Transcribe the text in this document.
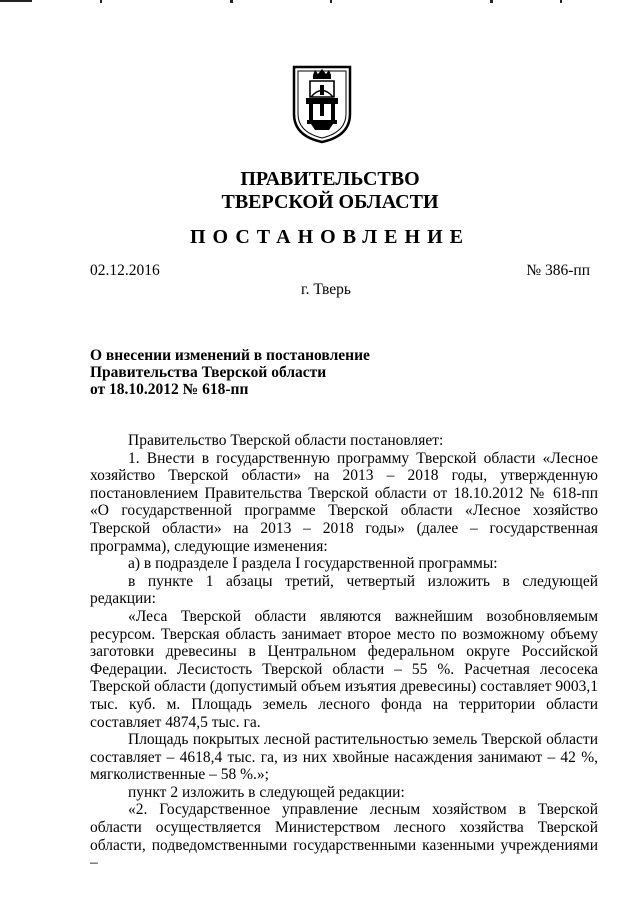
ПРАВИТЕЛЬСТВО
ТВЕРСКОЙ ОБЛАСТИ
ПОСТАНОВЛЕНИЕ
02.12.2016	№ 386-пп
г. Тверь
О внесении изменений в постановление
Правительства Тверской области
от 18.10.2012 № 618-пп

Правительство Тверской области постановляет:

1. Внести в государственную программу Тверской области «Лесное хозяйство Тверской области» на 2013 – 2018 годы, утвержденную постановлением Правительства Тверской области от 18.10.2012 № 618-пп «О государственной программе Тверской области «Лесное хозяйство Тверской области» на 2013 – 2018 годы» (далее – государственная программа), следующие изменения:

а) в подразделе I раздела I государственной программы:

в пункте 1 абзацы третий, четвертый изложить в следующей редакции:

«Леса Тверской области являются важнейшим возобновляемым ресурсом. Тверская область занимает второе место по возможному объему заготовки древесины в Центральном федеральном округе Российской Федерации. Лесистость Тверской области – 55 %. Расчетная лесосека Тверской области (допустимый объем изъятия древесины) составляет 9003,1 тыс. куб. м. Площадь земель лесного фонда на территории области составляет 4874,5 тыс. га.

Площадь покрытых лесной растительностью земель Тверской области составляет – 4618,4 тыс. га, из них хвойные насаждения занимают – 42 %, мягколиственные – 58 %.»;

пункт 2 изложить в следующей редакции:

«2. Государственное управление лесным хозяйством в Тверской области осуществляется Министерством лесного хозяйства Тверской области, подведомственными государственными казенными учреждениями –
